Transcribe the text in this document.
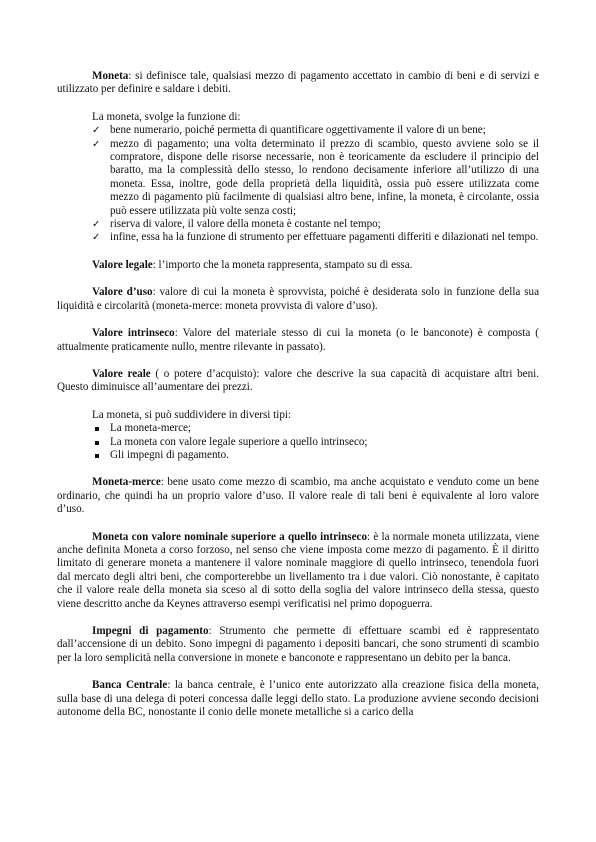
Moneta: si definisce tale, qualsiasi mezzo di pagamento accettato in cambio di beni e di servizi e utilizzato per definire e saldare i debiti.

La moneta, svolge la funzione di:

✓ bene numerario, poiché permetta di quantificare oggettivamente il valore di un bene;
✓ mezzo di pagamento; una volta determinato il prezzo di scambio, questo avviene solo se il compratore, dispone delle risorse necessarie, non è teoricamente da escludere il principio del baratto, ma la complessità dello stesso, lo rendono decisamente inferiore all’utilizzo di una moneta. Essa, inoltre, gode della proprietà della liquidità, ossia può essere utilizzata come mezzo di pagamento più facilmente di qualsiasi altro bene, infine, la moneta, è circolante, ossia può essere utilizzata più volte senza costi;
✓ riserva di valore, il valore della moneta è costante nel tempo;
✓ infine, essa ha la funzione di strumento per effettuare pagamenti differiti e dilazionati nel tempo.

Valore legale: l’importo che la moneta rappresenta, stampato su di essa.

Valore d’uso: valore di cui la moneta è sprovvista, poiché è desiderata solo in funzione della sua liquidità e circolarità (moneta-merce: moneta provvista di valore d’uso).

Valore intrinseco: Valore del materiale stesso di cui la moneta (o le banconote) è composta ( attualmente praticamente nullo, mentre rilevante in passato).

Valore reale ( o potere d’acquisto): valore che descrive la sua capacità di acquistare altri beni. Questo diminuisce all’aumentare dei prezzi.

La moneta, si può suddividere in diversi tipi:

La moneta-merce;
La moneta con valore legale superiore a quello intrinseco;
Gli impegni di pagamento.

Moneta-merce: bene usato come mezzo di scambio, ma anche acquistato e venduto come un bene ordinario, che quindi ha un proprio valore d’uso. Il valore reale di tali beni è equivalente al loro valore d’uso.

Moneta con valore nominale superiore a quello intrinseco: è la normale moneta utilizzata, viene anche definita Moneta a corso forzoso, nel senso che viene imposta come mezzo di pagamento. È il diritto limitato di generare moneta a mantenere il valore nominale maggiore di quello intrinseco, tenendola fuori dal mercato degli altri beni, che comporterebbe un livellamento tra i due valori. Ciò nonostante, è capitato che il valore reale della moneta sia sceso al di sotto della soglia del valore intrinseco della stessa, questo viene descritto anche da Keynes attraverso esempi verificatisi nel primo dopoguerra.

Impegni di pagamento: Strumento che permette di effettuare scambi ed è rappresentato dall’accensione di un debito. Sono impegni di pagamento i depositi bancari, che sono strumenti di scambio per la loro semplicità nella conversione in monete e banconote e rappresentano un debito per la banca.

Banca Centrale: la banca centrale, è l’unico ente autorizzato alla creazione fisica della moneta, sulla base di una delega di poteri concessa dalle leggi dello stato. La produzione avviene secondo decisioni autonome della BC, nonostante il conio delle monete metalliche si a carico della
